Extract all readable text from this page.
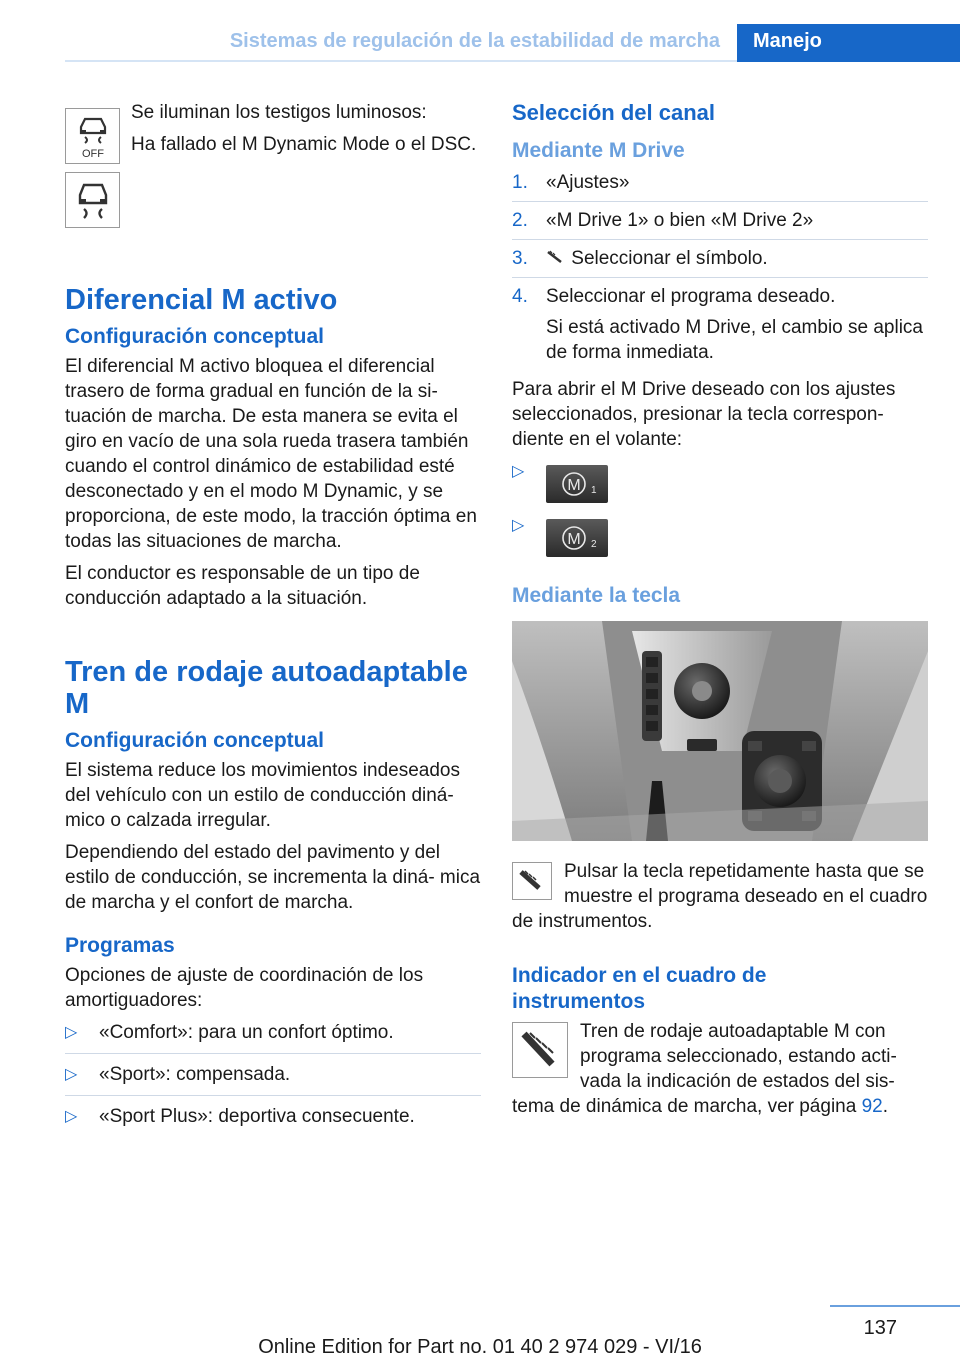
Sistemas de regulación de la estabilidad de marcha	Manejo
OFF

Se iluminan los testigos luminosos:

Ha fallado el M Dynamic Mode o el DSC.

Diferencial M activo
Configuración conceptual

El diferencial M activo bloquea el diferencial trasero de forma gradual en función de la si‐ tuación de marcha. De esta manera se evita el giro en vacío de una sola rueda trasera también cuando el control dinámico de estabilidad esté desconectado y en el modo M Dynamic, y se proporciona, de este modo, la tracción óptima en todas las situaciones de marcha.

El conductor es responsable de un tipo de conducción adaptado a la situación.

Tren de rodaje autoadaptable M
Configuración conceptual

El sistema reduce los movimientos indeseados del vehículo con un estilo de conducción diná‐ mico o calzada irregular.

Dependiendo del estado del pavimento y del estilo de conducción, se incrementa la diná‐ mica de marcha y el confort de marcha.

Programas

Opciones de ajuste de coordinación de los amortiguadores:

▷ «Comfort»: para un confort óptimo.
▷ «Sport»: compensada.
▷ «Sport Plus»: deportiva consecuente.
Selección del canal
Mediante M Drive
1. «Ajustes»
2. «M Drive 1» o bien «M Drive 2»
3. Seleccionar el símbolo.
4. Seleccionar el programa deseado.
Si está activado M Drive, el cambio se aplica de forma inmediata.

Para abrir el M Drive deseado con los ajustes seleccionados, presionar la tecla correspon‐ diente en el volante:

▷
M 1
▷
M 2
Mediante la tecla

Pulsar la tecla repetidamente hasta que se muestre el programa deseado en el cuadro de instrumentos.

Indicador en el cuadro de instrumentos

Tren de rodaje autoadaptable M con programa seleccionado, estando acti‐ vada la indicación de estados del sis‐ tema de dinámica de marcha, ver página 92.

137
Online Edition for Part no. 01 40 2 974 029 - VI/16
